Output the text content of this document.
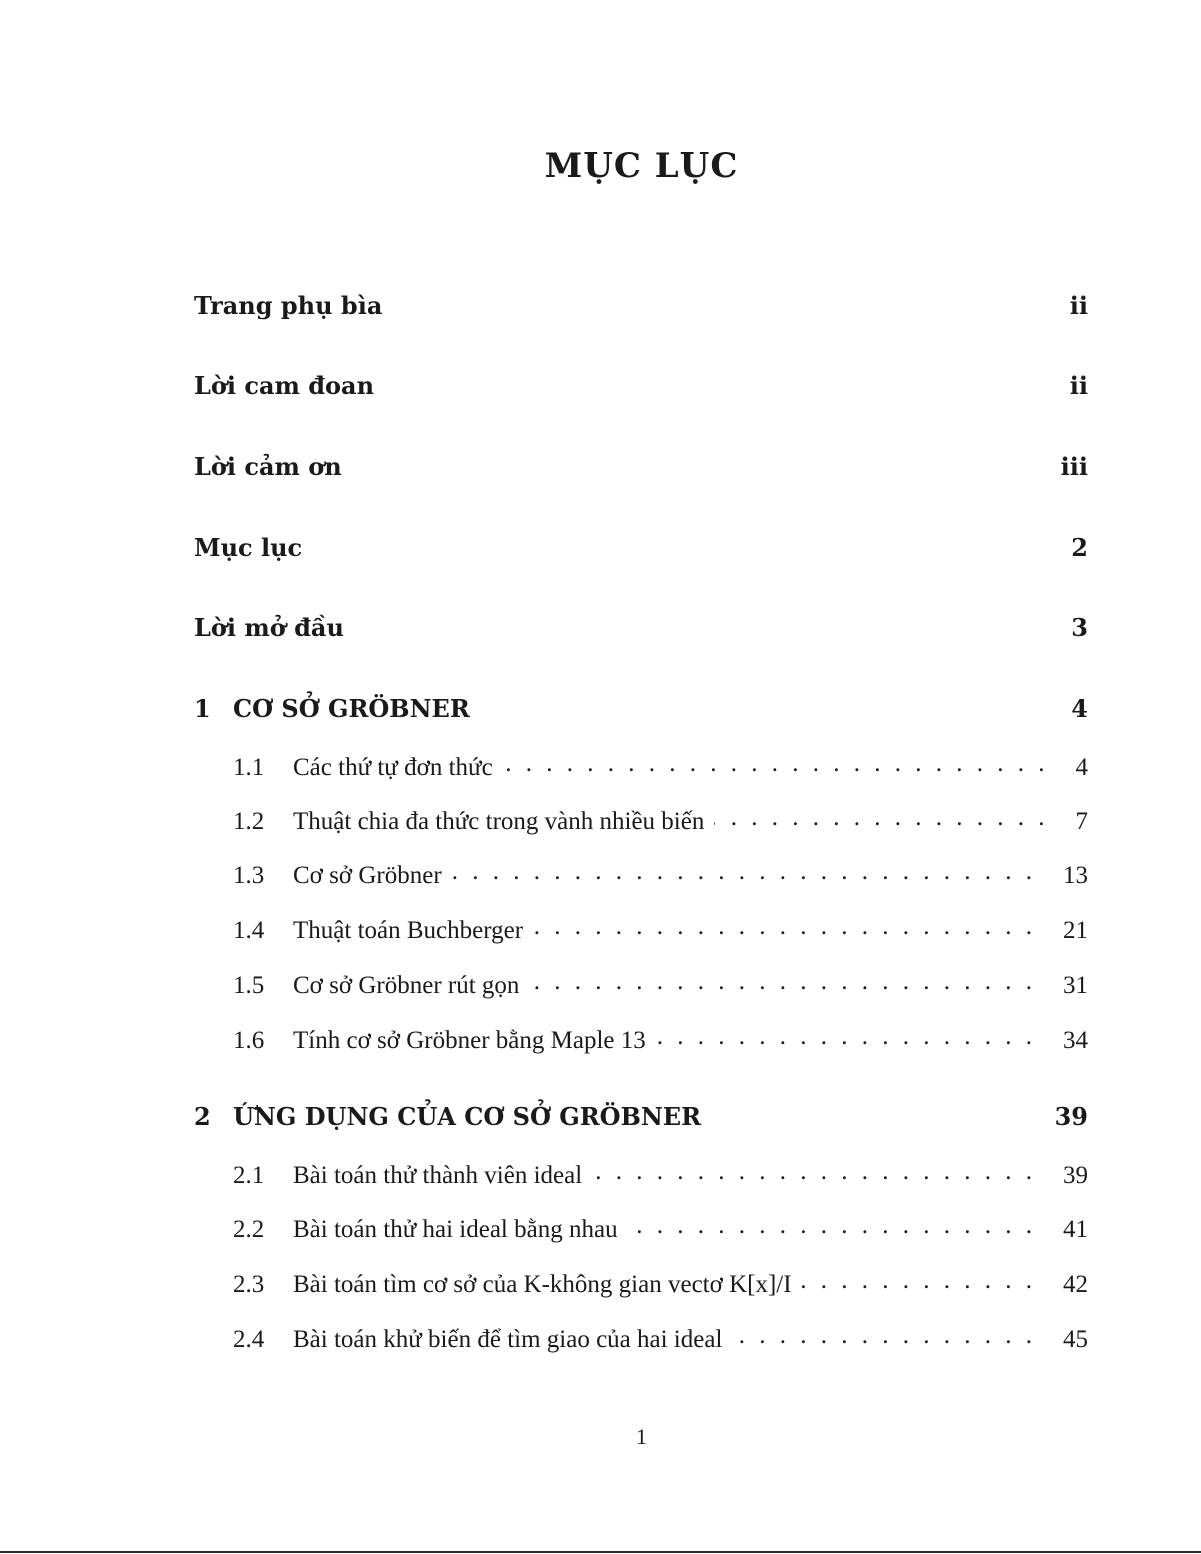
MỤC LỤC
Trang phụ bìa	ii
Lời cam đoan	ii
Lời cảm ơn	iii
Mục lục	2
Lời mở đầu	3
1 CƠ SỞ GRÖBNER	4
1.1	Các thứ tự đơn thức . . .	4
1.2	Thuật chia đa thức trong vành nhiều biến . . .	7
1.3	Cơ sở Gröbner . . .	13
1.4	Thuật toán Buchberger . . .	21
1.5	Cơ sở Gröbner rút gọn . . .	31
1.6	Tính cơ sở Gröbner bằng Maple 13 . . .	34
2 ỨNG DỤNG CỦA CƠ SỞ GRÖBNER	39
2.1	Bài toán thử thành viên ideal . . .	39
2.2	Bài toán thử hai ideal bằng nhau . . .	41
2.3	Bài toán tìm cơ sở của K-không gian vectơ K[x]/I . . .	42
2.4	Bài toán khử biến để tìm giao của hai ideal . . .	45
1
